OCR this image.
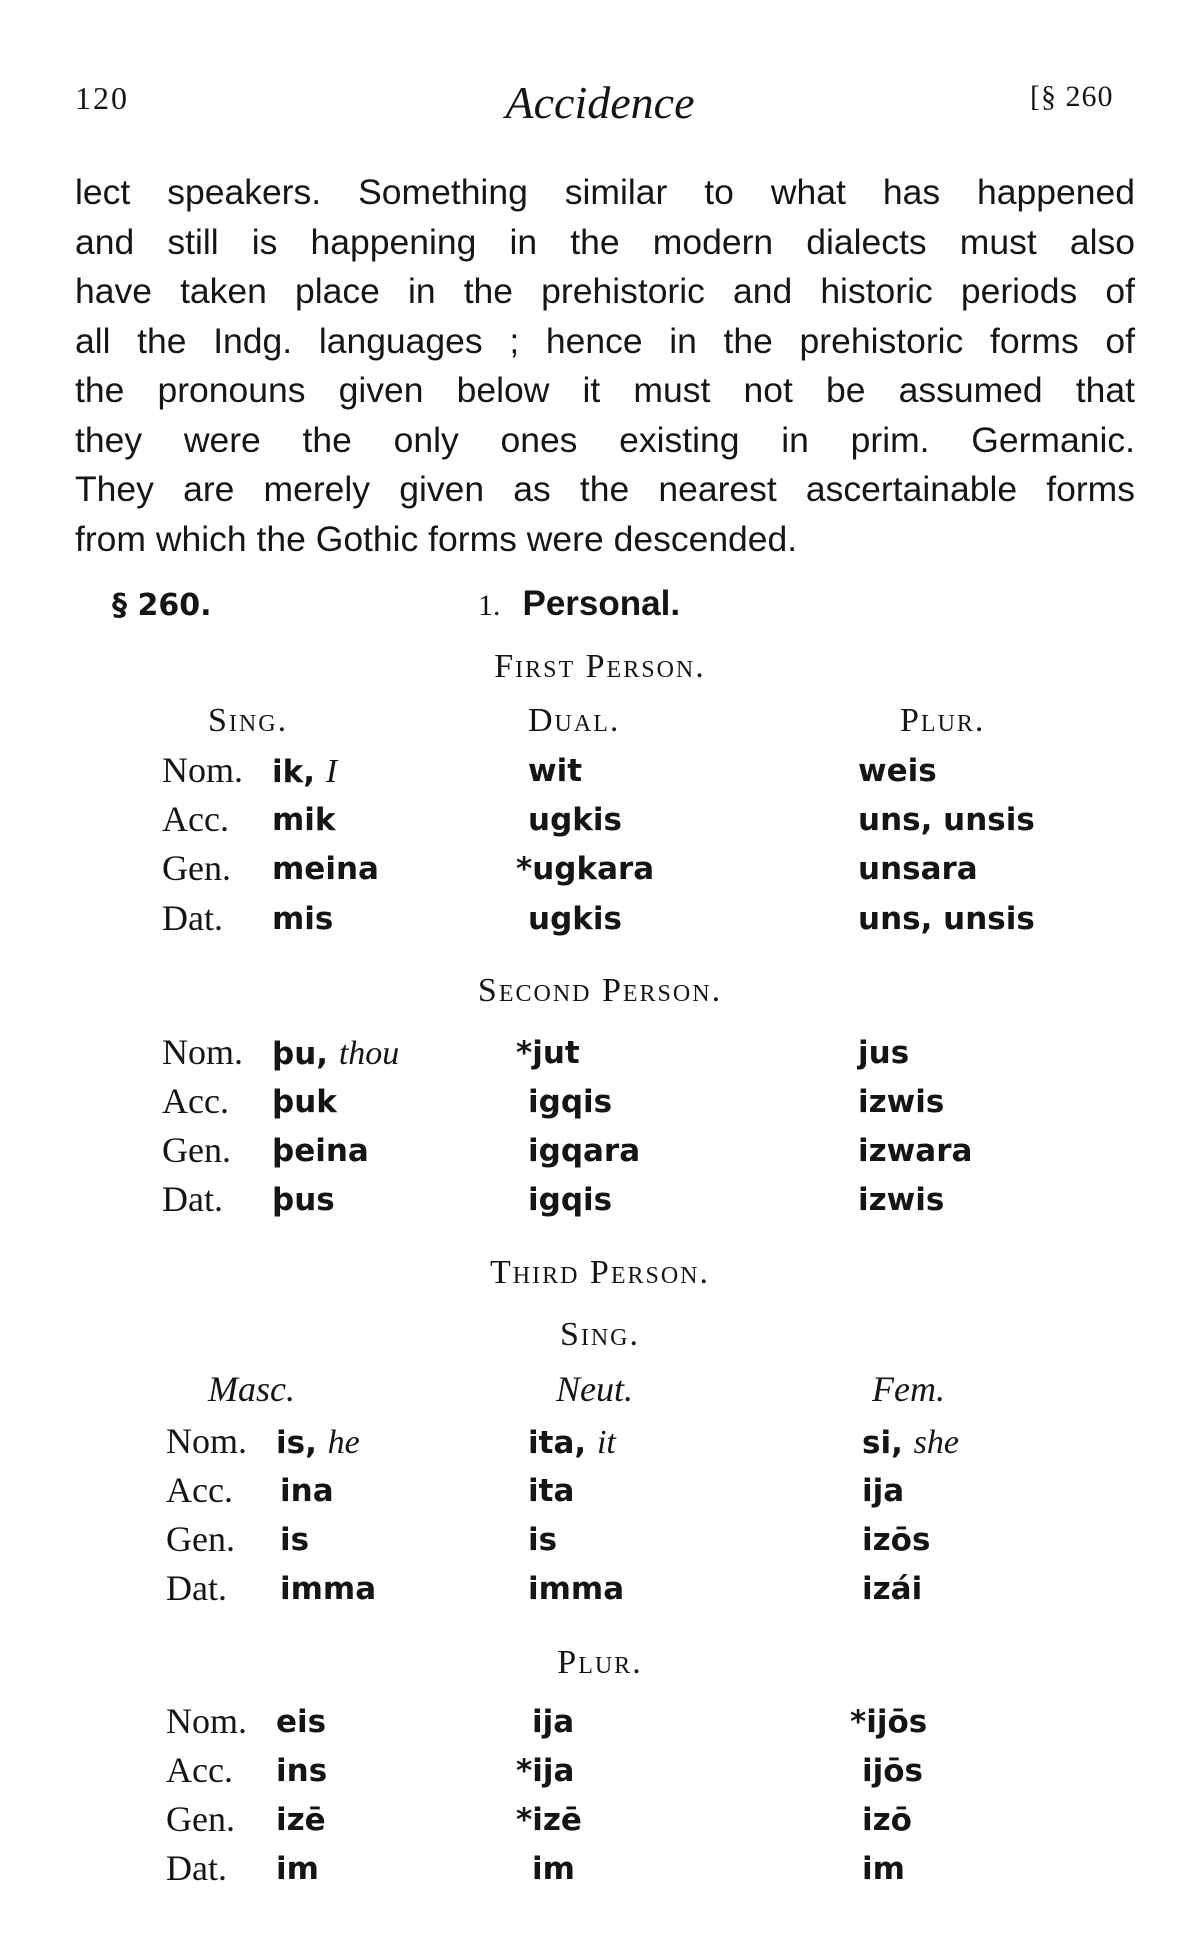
120	Accidence	[§ 260

lect speakers. Something similar to what has happened
and still is happening in the modern dialects must also
have taken place in the prehistoric and historic periods of
all the Indg. languages ; hence in the prehistoric forms of
the pronouns given below it must not be assumed that
they were the only ones existing in prim. Germanic.
They are merely given as the nearest ascertainable forms
from which the Gothic forms were descended.

§ 260.	1. Personal.
First Person.
Sing.	Dual.	Plur.
Nom. ik, I	wit	weis
Acc. mik	ugkis	uns, unsis
Gen. meina	*ugkara	unsara
Dat. mis	ugkis	uns, unsis
Second Person.
Nom. þu, thou	*jut	jus
Acc. þuk	igqis	izwis
Gen. þeina	igqara	izwara
Dat. þus	igqis	izwis
Third Person.
Sing.
Masc.	Neut.	Fem.
Nom. is, he	ita, it	si, she
Acc. ina	ita	ija
Gen. is	is	izōs
Dat. imma	imma	izái
Plur.
Nom. eis	ija	*ijōs
Acc. ins	*ija	ijōs
Gen. izē	*izē	izō
Dat. im	im	im
